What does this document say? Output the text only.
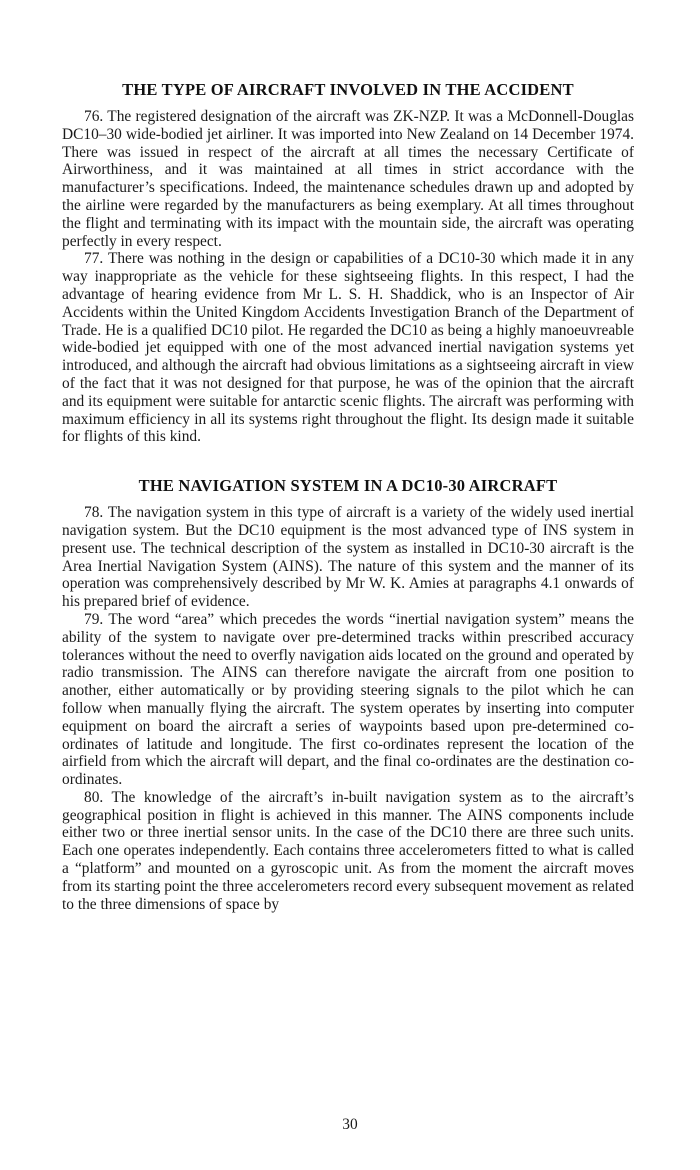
THE TYPE OF AIRCRAFT INVOLVED IN THE ACCIDENT

76. The registered designation of the aircraft was ZK-NZP. It was a McDonnell-Douglas DC10–30 wide-bodied jet airliner. It was imported into New Zealand on 14 December 1974. There was issued in respect of the aircraft at all times the necessary Certificate of Airworthiness, and it was maintained at all times in strict accordance with the manufacturer’s specifications. Indeed, the maintenance schedules drawn up and adopted by the airline were regarded by the manufacturers as being exemplary. At all times throughout the flight and terminating with its impact with the mountain side, the aircraft was operating perfectly in every respect.

77. There was nothing in the design or capabilities of a DC10-30 which made it in any way inappropriate as the vehicle for these sightseeing flights. In this respect, I had the advantage of hearing evidence from Mr L. S. H. Shaddick, who is an Inspector of Air Accidents within the United Kingdom Accidents Investigation Branch of the Department of Trade. He is a qualified DC10 pilot. He regarded the DC10 as being a highly manoeuvreable wide-bodied jet equipped with one of the most advanced inertial navigation systems yet introduced, and although the aircraft had obvious limitations as a sightseeing aircraft in view of the fact that it was not designed for that purpose, he was of the opinion that the aircraft and its equipment were suitable for antarctic scenic flights. The aircraft was performing with maximum efficiency in all its systems right throughout the flight. Its design made it suitable for flights of this kind.

THE NAVIGATION SYSTEM IN A DC10-30 AIRCRAFT

78. The navigation system in this type of aircraft is a variety of the widely used inertial navigation system. But the DC10 equipment is the most advanced type of INS system in present use. The technical description of the system as installed in DC10-30 aircraft is the Area Inertial Navigation System (AINS). The nature of this system and the manner of its operation was comprehensively described by Mr W. K. Amies at paragraphs 4.1 onwards of his prepared brief of evidence.

79. The word “area” which precedes the words “inertial navigation system” means the ability of the system to navigate over pre-determined tracks within prescribed accuracy tolerances without the need to overfly navigation aids located on the ground and operated by radio transmission. The AINS can therefore navigate the aircraft from one position to another, either automatically or by providing steering signals to the pilot which he can follow when manually flying the aircraft. The system operates by inserting into computer equipment on board the aircraft a series of waypoints based upon pre-determined co-ordinates of latitude and longitude. The first co-ordinates represent the location of the airfield from which the aircraft will depart, and the final co-ordinates are the destination co-ordinates.

80. The knowledge of the aircraft’s in-built navigation system as to the aircraft’s geographical position in flight is achieved in this manner. The AINS components include either two or three inertial sensor units. In the case of the DC10 there are three such units. Each one operates independently. Each contains three accelerometers fitted to what is called a “platform” and mounted on a gyroscopic unit. As from the moment the aircraft moves from its starting point the three accelerometers record every subsequent movement as related to the three dimensions of space by

30
